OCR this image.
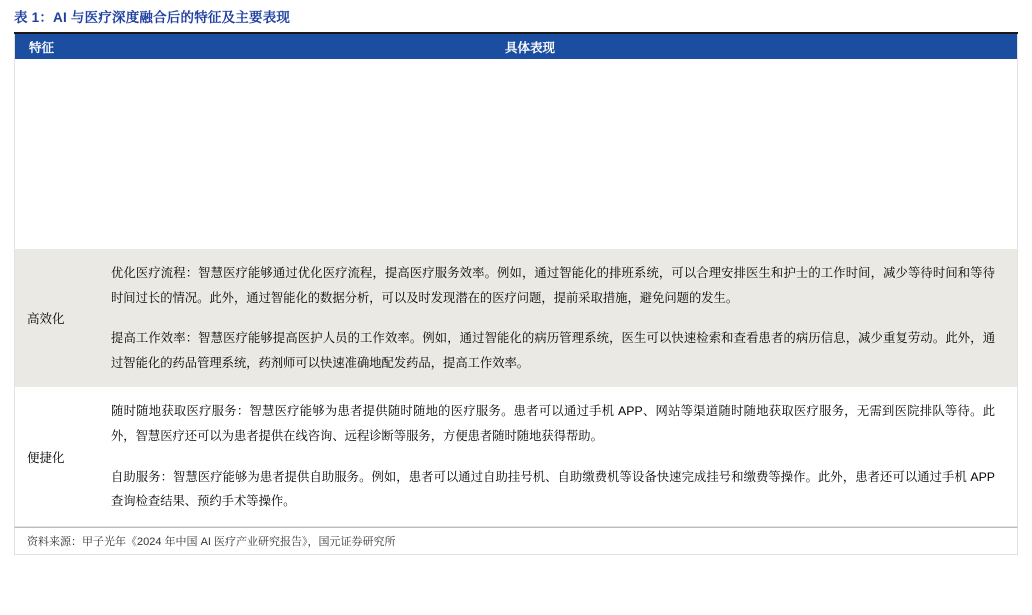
表 1：AI 与医疗深度融合后的特征及主要表现
特征	具体表现
高效化

优化医疗流程：智慧医疗能够通过优化医疗流程，提高医疗服务效率。例如，通过智能化的排班系统，可以合理安排医生和护士的工作时间，减少等待时间和等待时间过长的情况。此外，通过智能化的数据分析，可以及时发现潜在的医疗问题，提前采取措施，避免问题的发生。

提高工作效率：智慧医疗能够提高医护人员的工作效率。例如，通过智能化的病历管理系统，医生可以快速检索和查看患者的病历信息，减少重复劳动。此外，通过智能化的药品管理系统，药剂师可以快速准确地配发药品，提高工作效率。

便捷化

随时随地获取医疗服务：智慧医疗能够为患者提供随时随地的医疗服务。患者可以通过手机 APP、网站等渠道随时随地获取医疗服务，无需到医院排队等待。此外，智慧医疗还可以为患者提供在线咨询、远程诊断等服务，方便患者随时随地获得帮助。

自助服务：智慧医疗能够为患者提供自助服务。例如，患者可以通过自助挂号机、自助缴费机等设备快速完成挂号和缴费等操作。此外，患者还可以通过手机 APP 查询检查结果、预约手术等操作。

资料来源：甲子光年《2024 年中国 AI 医疗产业研究报告》，国元证券研究所
